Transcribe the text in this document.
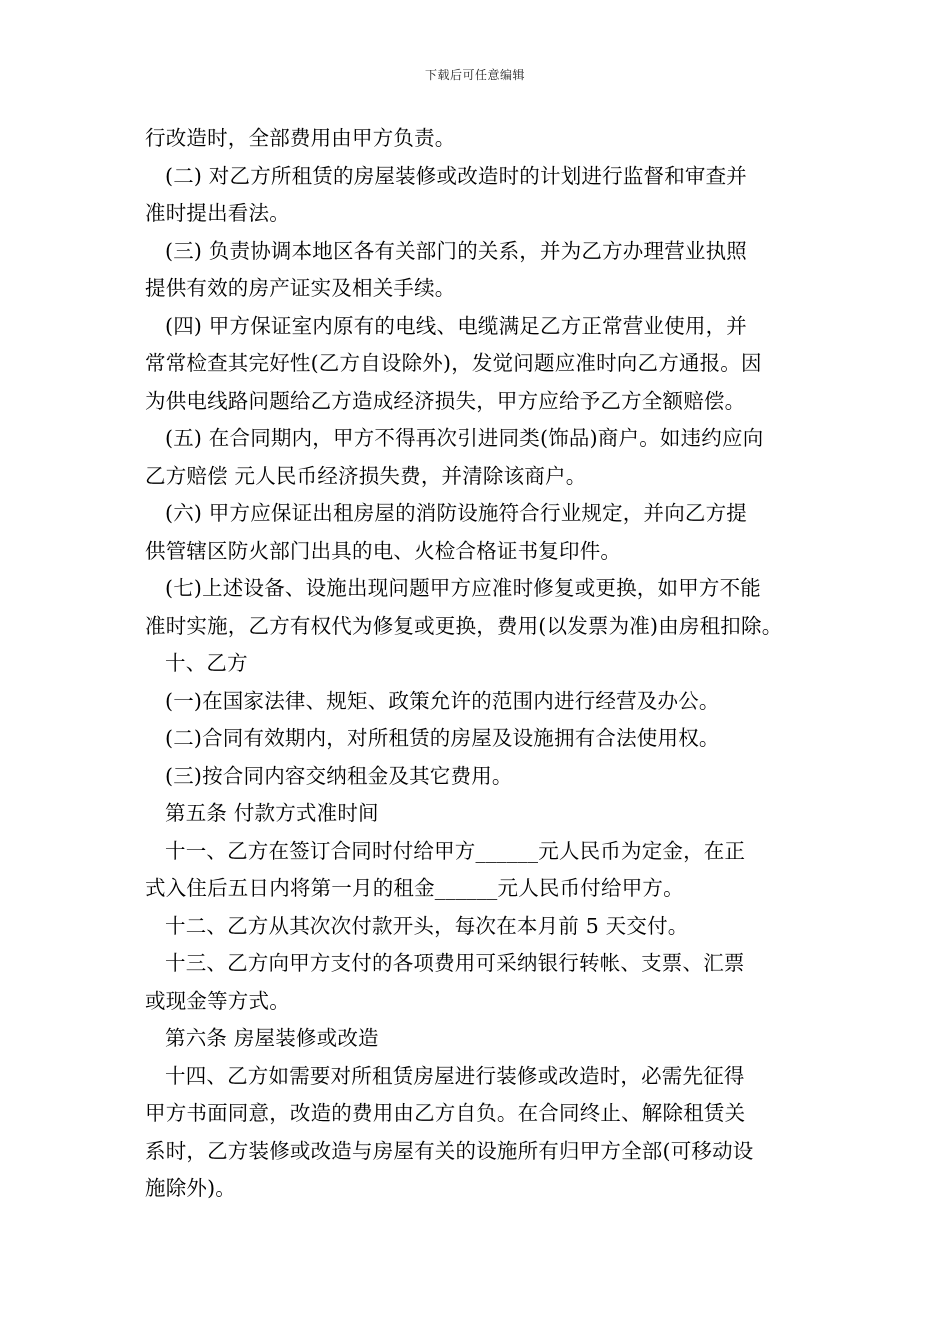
下载后可任意编辑
行改造时，全部费用由甲方负责。
(二) 对乙方所租赁的房屋装修或改造时的计划进行监督和审查并
准时提出看法。
(三) 负责协调本地区各有关部门的关系，并为乙方办理营业执照
提供有效的房产证实及相关手续。
(四) 甲方保证室内原有的电线、电缆满足乙方正常营业使用，并
常常检查其完好性(乙方自设除外)，发觉问题应准时向乙方通报。因
为供电线路问题给乙方造成经济损失，甲方应给予乙方全额赔偿。
(五) 在合同期内，甲方不得再次引进同类(饰品)商户。如违约应向
乙方赔偿 元人民币经济损失费，并清除该商户。
(六) 甲方应保证出租房屋的消防设施符合行业规定，并向乙方提
供管辖区防火部门出具的电、火检合格证书复印件。
(七)上述设备、设施出现问题甲方应准时修复或更换，如甲方不能
准时实施，乙方有权代为修复或更换，费用(以发票为准)由房租扣除。
十、乙方
(一)在国家法律、规矩、政策允许的范围内进行经营及办公。
(二)合同有效期内，对所租赁的房屋及设施拥有合法使用权。
(三)按合同内容交纳租金及其它费用。
第五条 付款方式准时间
十一、乙方在签订合同时付给甲方______元人民币为定金，在正
式入住后五日内将第一月的租金______元人民币付给甲方。
十二、乙方从其次次付款开头，每次在本月前 5 天交付。
十三、乙方向甲方支付的各项费用可采纳银行转帐、支票、汇票
或现金等方式。
第六条 房屋装修或改造
十四、乙方如需要对所租赁房屋进行装修或改造时，必需先征得
甲方书面同意，改造的费用由乙方自负。在合同终止、解除租赁关
系时，乙方装修或改造与房屋有关的设施所有归甲方全部(可移动设
施除外)。
